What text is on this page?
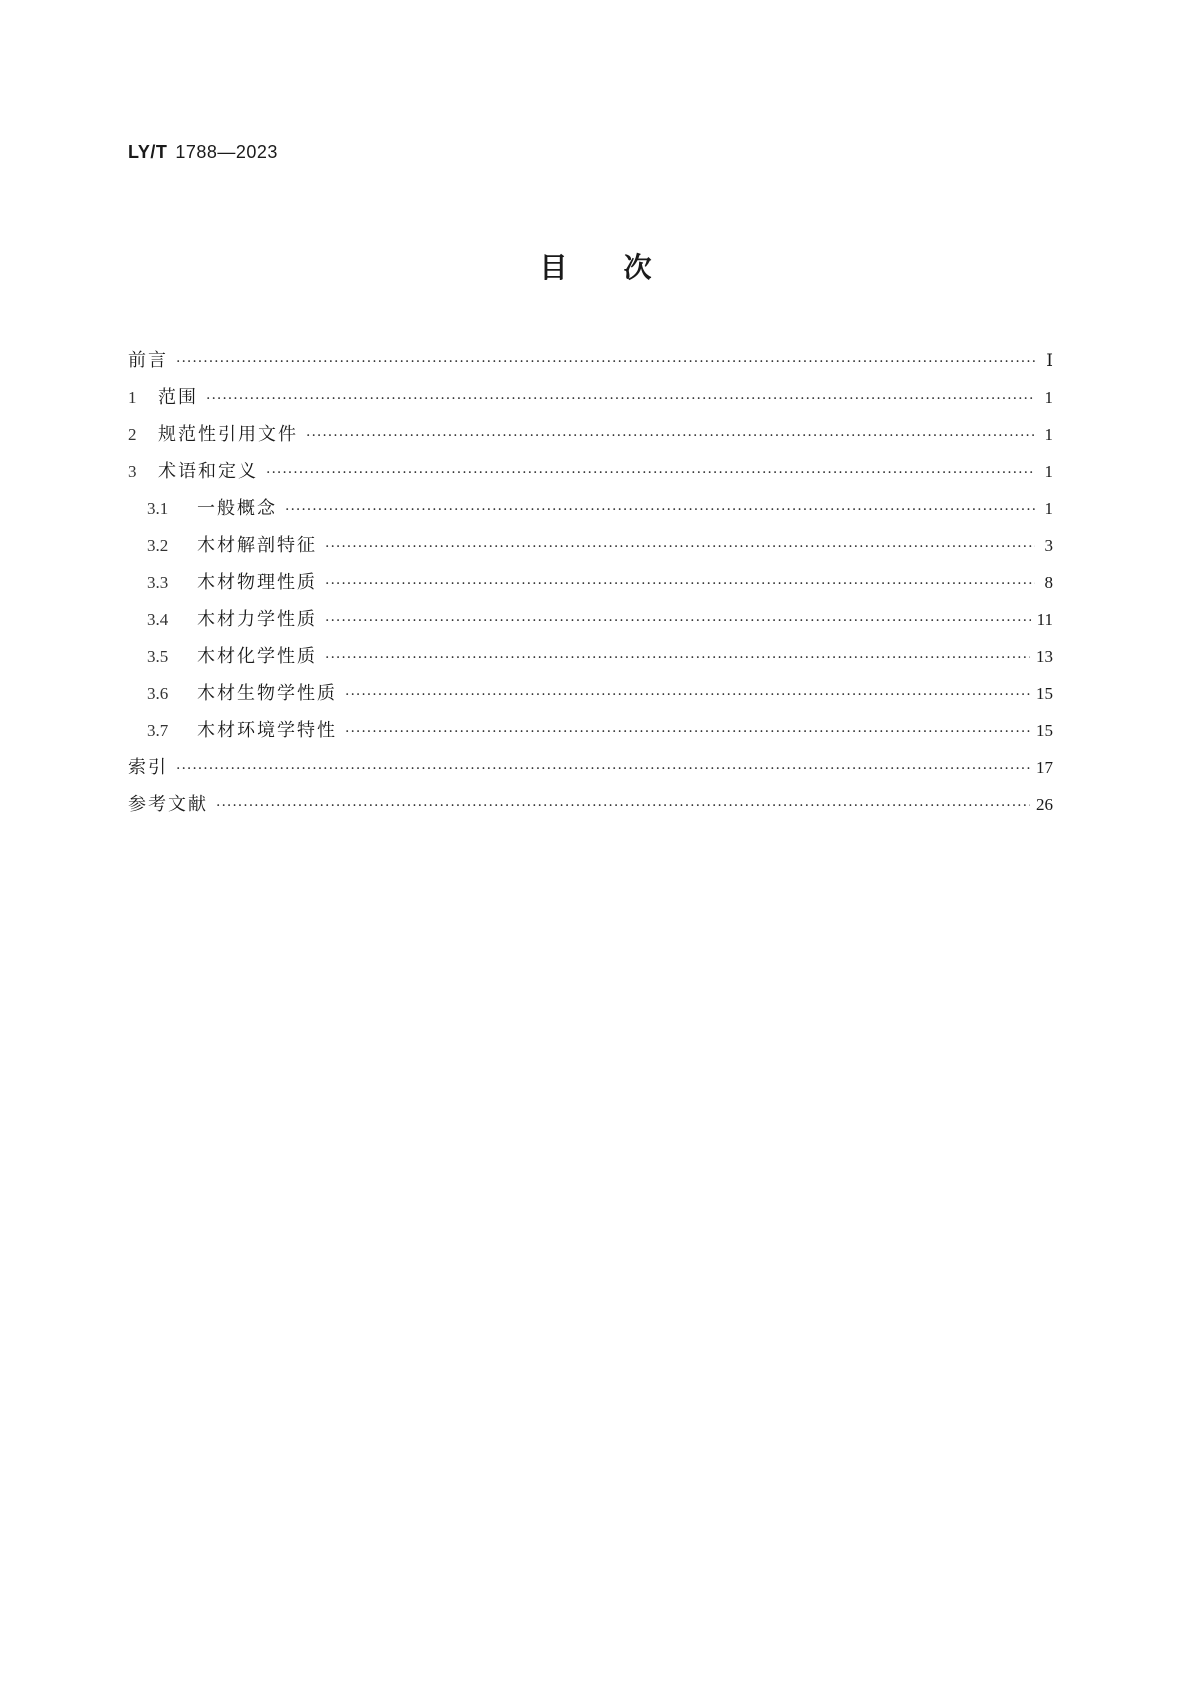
LY/T 1788—2023
目次
前言 ·····	Ⅰ
1	范围 ·····	1
2	规范性引用文件 ·····	1
3	术语和定义 ·····	1
3.1	一般概念 ·····	1
3.2	木材解剖特征 ·····	3
3.3	木材物理性质 ·····	8
3.4	木材力学性质 ·····	11
3.5	木材化学性质 ·····	13
3.6	木材生物学性质 ·····	15
3.7	木材环境学特性 ·····	15
索引 ·····	17
参考文献 ·····	26
